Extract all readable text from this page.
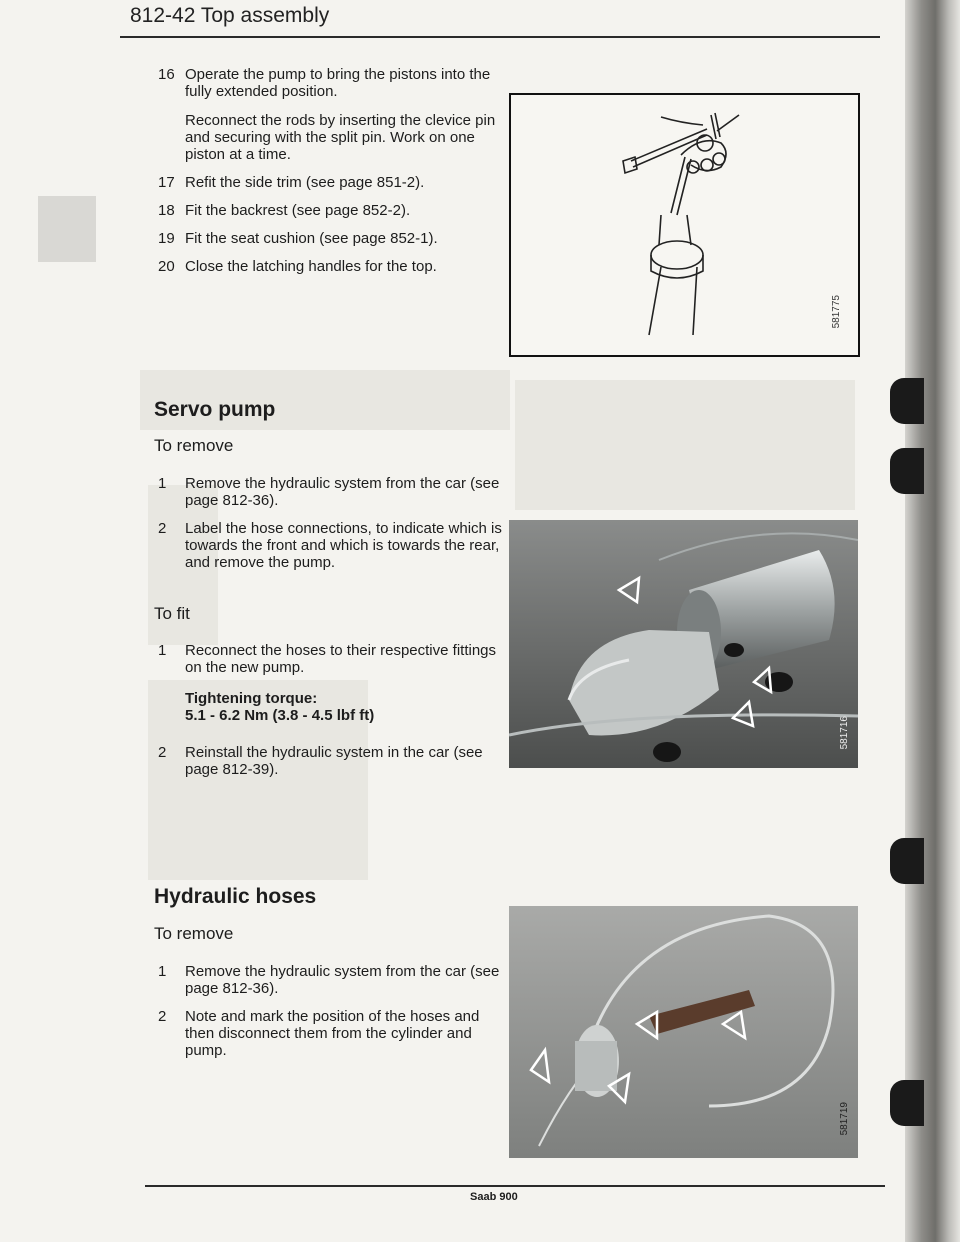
812-42 Top assembly
16 Operate the pump to bring the pistons into the fully extended position.
Reconnect the rods by inserting the clevice pin and securing with the split pin. Work on one piston at a time.
17 Refit the side trim (see page 851-2).
18 Fit the backrest (see page 852-2).
19 Fit the seat cushion (see page 852-1).
20 Close the latching handles for the top.
581775
Servo pump
To remove
1	Remove the hydraulic system from the car (see page 812-36).
2	Label the hose connections, to indicate which is towards the front and which is towards the rear, and remove the pump.
To fit
1	Reconnect the hoses to their respective fittings on the new pump.
Tightening torque:
5.1 - 6.2 Nm (3.8 - 4.5 lbf ft)
2	Reinstall the hydraulic system in the car (see page 812-39).
581716
Hydraulic hoses
To remove
1	Remove the hydraulic system from the car (see page 812-36).
2	Note and mark the position of the hoses and then disconnect them from the cylinder and pump.
581719
Saab 900
